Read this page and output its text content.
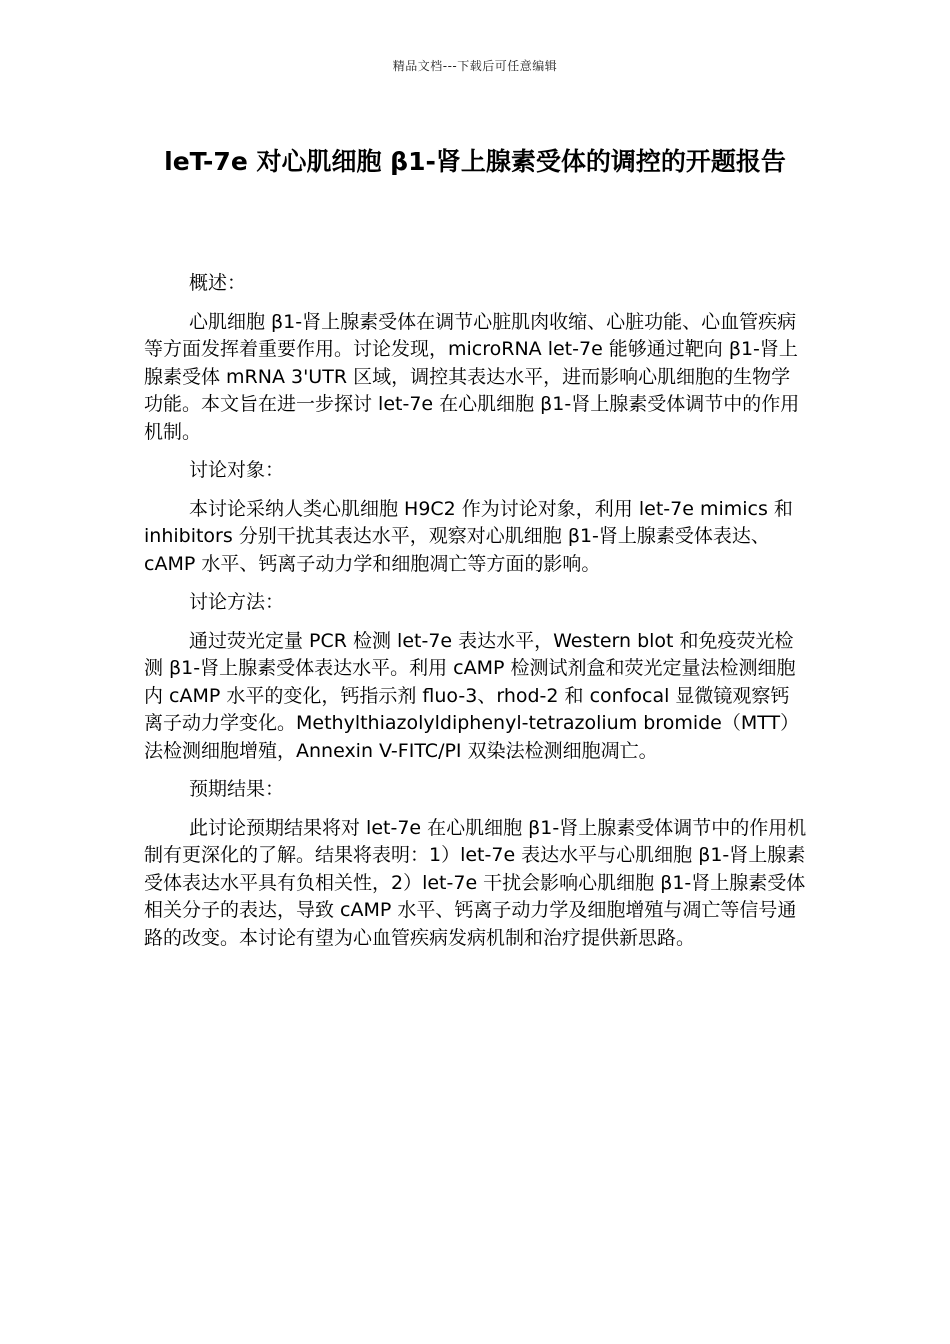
精品文档---下载后可任意编辑
leT-7e 对心肌细胞 β1-肾上腺素受体的调控的开题报告

概述：

心肌细胞 β1-肾上腺素受体在调节心脏肌肉收缩、心脏功能、心血管疾病等方面发挥着重要作用。讨论发现，microRNA let-7e 能够通过靶向 β1-肾上腺素受体 mRNA 3'UTR 区域，调控其表达水平，进而影响心肌细胞的生物学功能。本文旨在进一步探讨 let-7e 在心肌细胞 β1-肾上腺素受体调节中的作用机制。

讨论对象：

本讨论采纳人类心肌细胞 H9C2 作为讨论对象，利用 let-7e mimics 和 inhibitors 分别干扰其表达水平，观察对心肌细胞 β1-肾上腺素受体表达、cAMP 水平、钙离子动力学和细胞凋亡等方面的影响。

讨论方法：

通过荧光定量 PCR 检测 let-7e 表达水平，Western blot 和免疫荧光检测 β1-肾上腺素受体表达水平。利用 cAMP 检测试剂盒和荧光定量法检测细胞内 cAMP 水平的变化，钙指示剂 fluo-3、rhod-2 和 confocal 显微镜观察钙离子动力学变化。Methylthiazolyldiphenyl-tetrazolium bromide（MTT）法检测细胞增殖，Annexin V-FITC/PI 双染法检测细胞凋亡。

预期结果：

此讨论预期结果将对 let-7e 在心肌细胞 β1-肾上腺素受体调节中的作用机制有更深化的了解。结果将表明：1）let-7e 表达水平与心肌细胞 β1-肾上腺素受体表达水平具有负相关性，2）let-7e 干扰会影响心肌细胞 β1-肾上腺素受体相关分子的表达，导致 cAMP 水平、钙离子动力学及细胞增殖与凋亡等信号通路的改变。本讨论有望为心血管疾病发病机制和治疗提供新思路。
